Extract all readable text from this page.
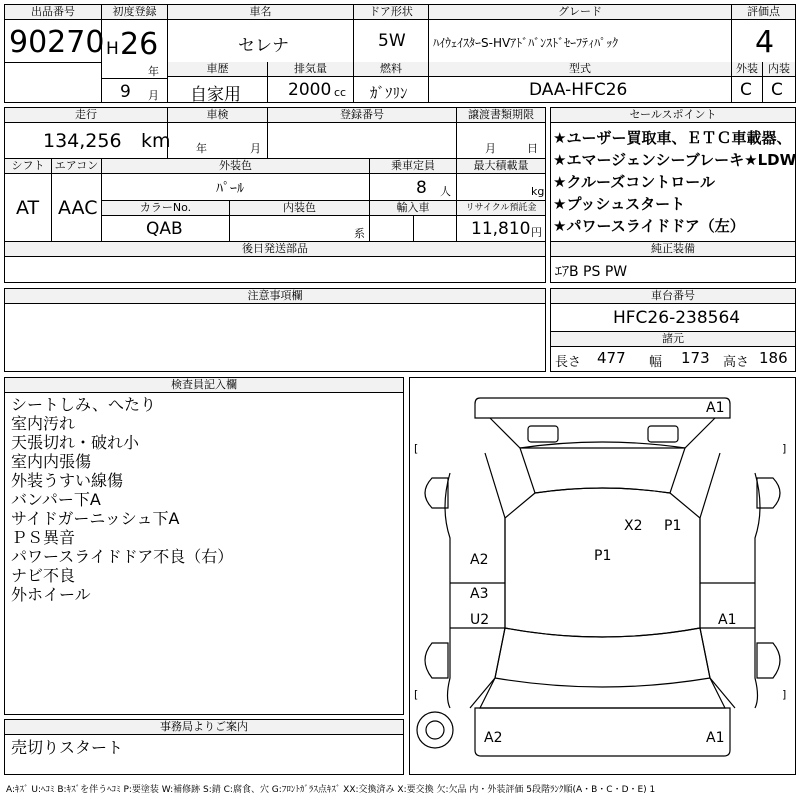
出品番号
90270
初度登録
H 26
年
9 月
車名
セレナ
ドア形状
5W
グレード
ﾊｲｳｪｲｽﾀｰS-HVｱﾄﾞﾊﾞﾝｽﾄﾞｾｰﾌﾃｨﾊﾟｯｸ
評価点
4
車歴
自家用
排気量
2000 cc
燃料
ｶﾞｿﾘﾝ
型式
DAA-HFC26
外装
C
内装
C
走行
134,256 km
車検
年	月
登録番号	譲渡書類期限
月	日
シフト
AT
エアコン
AAC
外装色
ﾊﾟｰﾙ
乗車定員
8 人
最大積載量
kg
カラーNo.
QAB
内装色
系
輸入車	リサイクル預託金
11,810 円
後日発送部品
セールスポイント
★ユーザー買取車、ＥＴＣ車載器、
★エマージェンシーブレーキ★LDW
★クルーズコントロール
★プッシュスタート
★パワースライドドア（左）
純正装備
ｴｱB PS PW
注意事項欄	車台番号
HFC26-238564
諸元
長さ 477 幅 173 高さ 186
検査員記入欄
シートしみ、へたり
室内汚れ
天張切れ・破れ小
室内内張傷
外装うすい線傷
バンパー下A
サイドガーニッシュ下A
ＰＳ異音
パワースライドドア不良（右）
ナビ不良
外ホイール
事務局よりご案内
売切りスタート
[	]
[	]
A1
X2 P1
A2	P1
A3
U2	A1
A2	A1
A:ｷｽﾞ U:ﾍｺﾐ B:ｷｽﾞを伴うﾍｺﾐ P:要塗装 W:補修跡 S:錆 C:腐食、穴 G:ﾌﾛﾝﾄｶﾞﾗｽ点ｷｽﾞ XX:交換済み X:要交換 欠:欠品 内・外装評価 5段階ﾗﾝｸ順(A・B・C・D・E) 1
